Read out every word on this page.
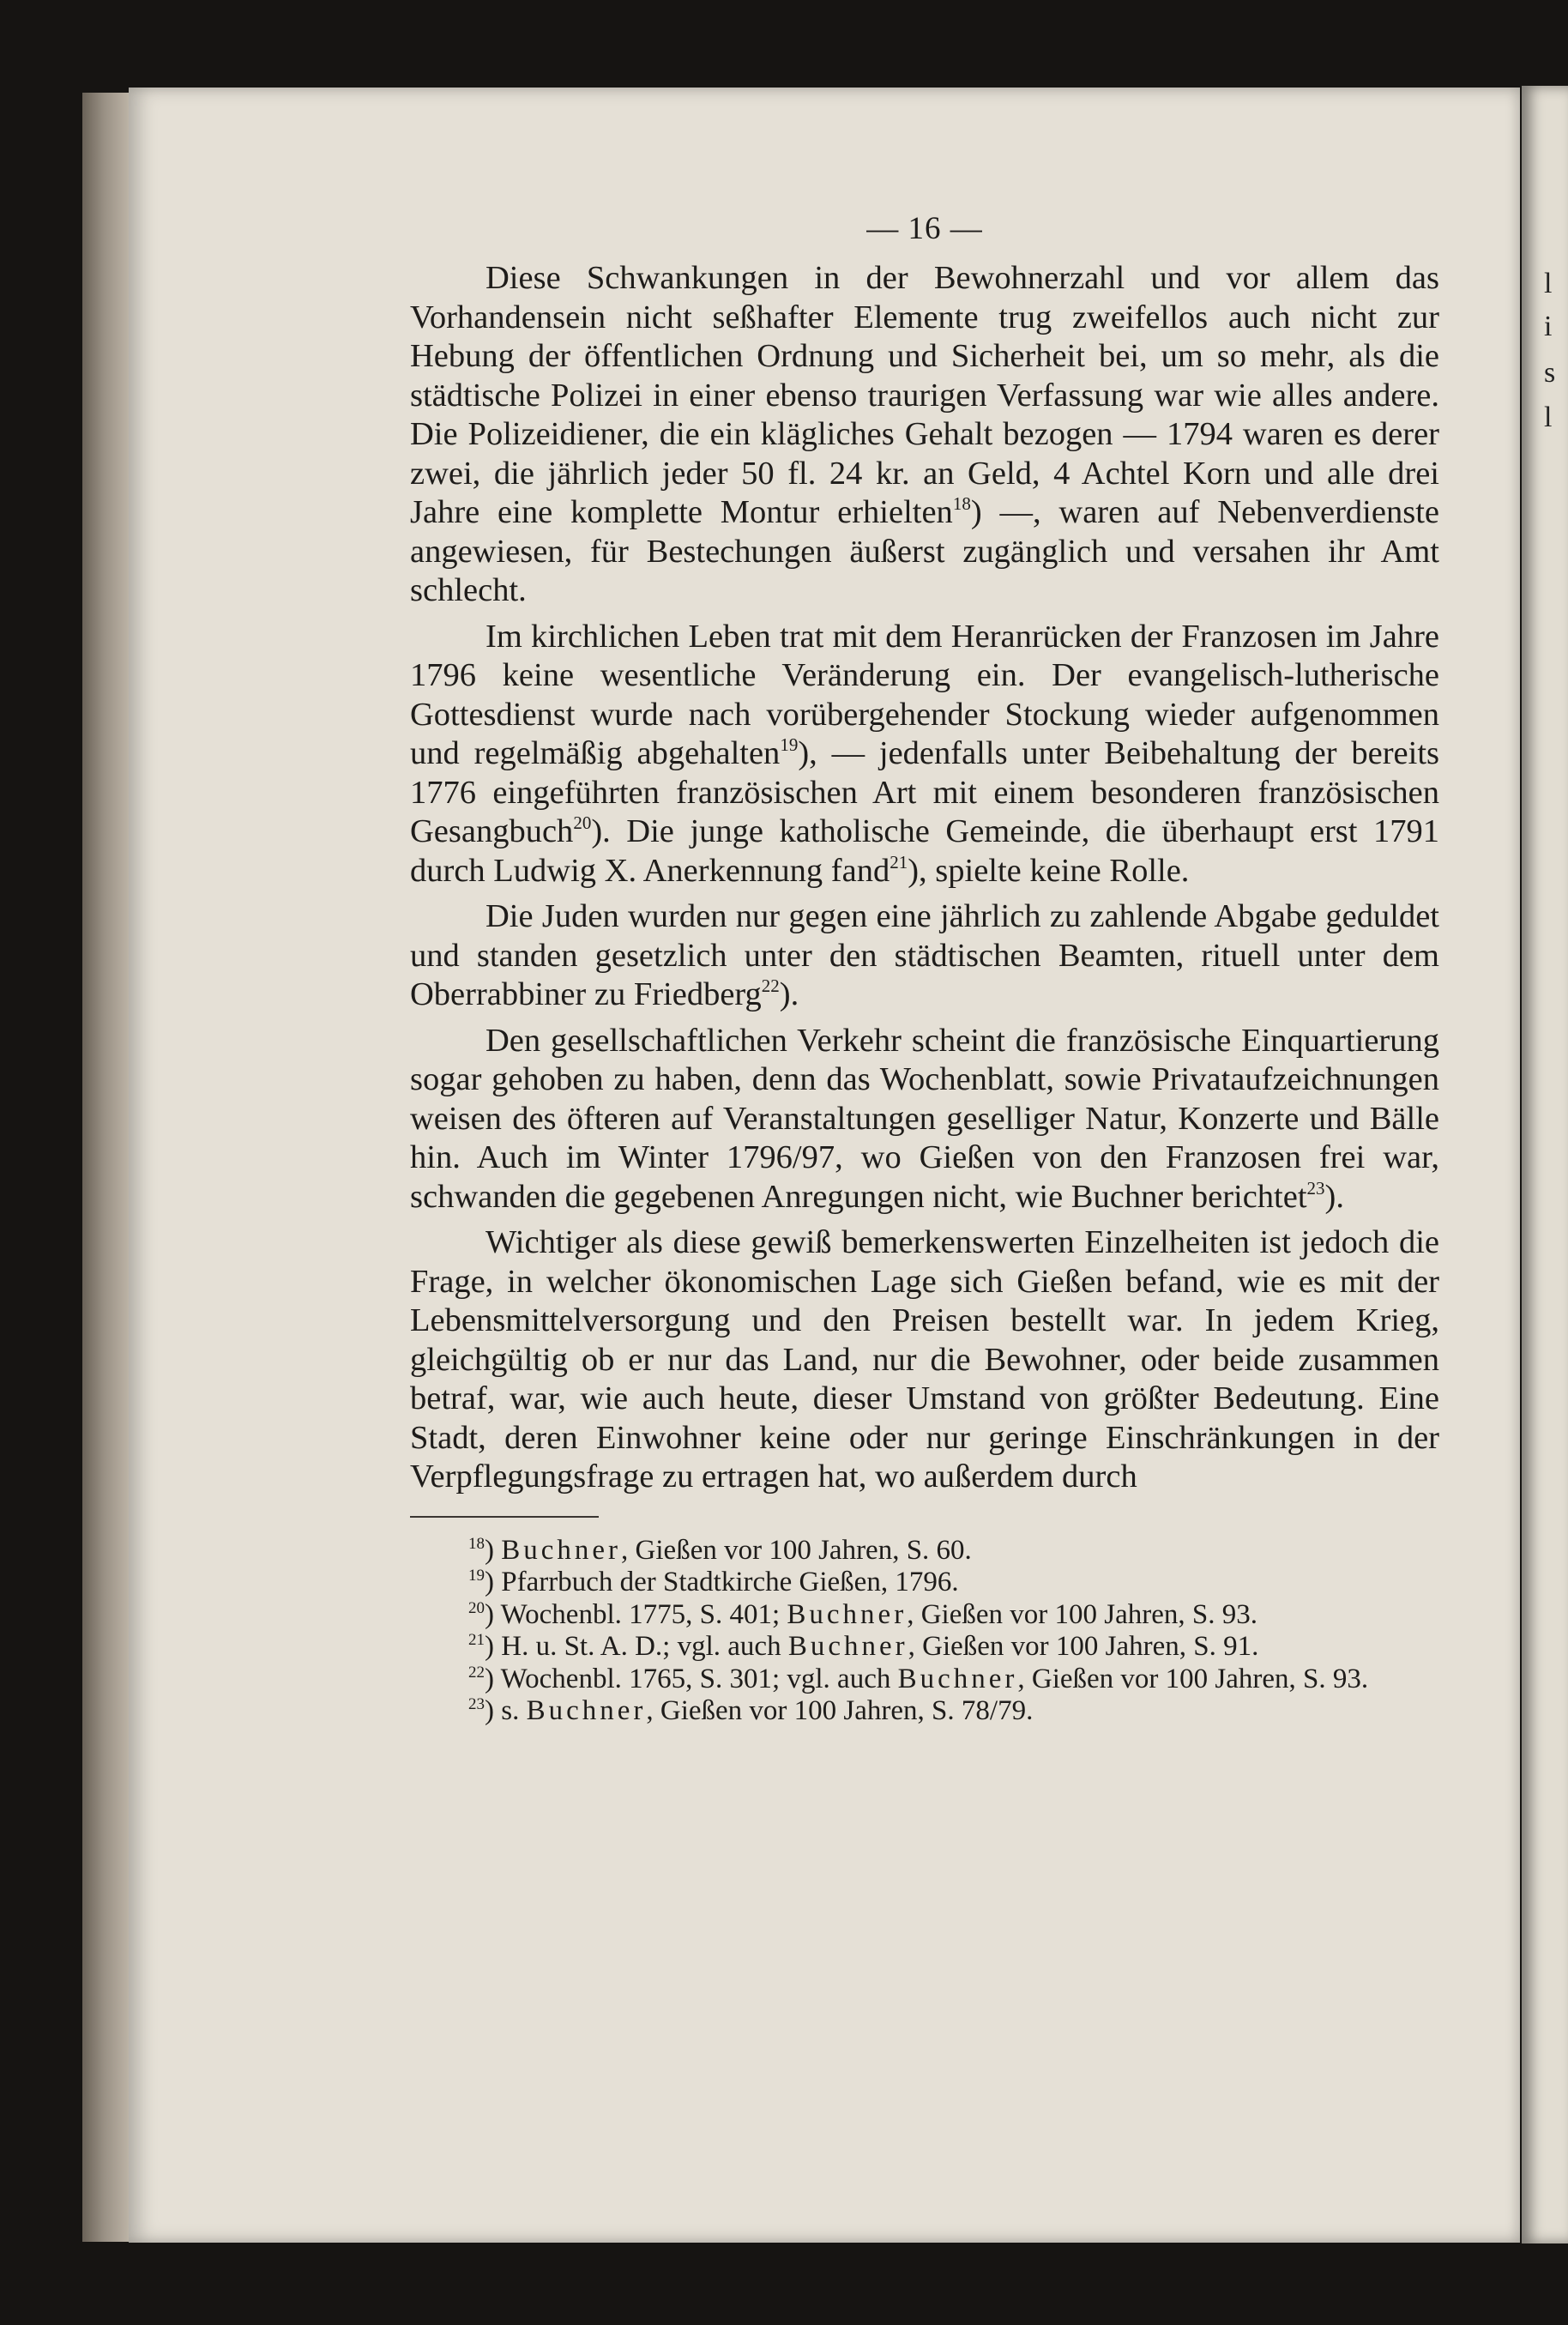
l
i
s
l
— 16 —

Diese Schwankungen in der Bewohnerzahl und vor allem das Vorhandensein nicht seßhafter Elemente trug zweifellos auch nicht zur Hebung der öffentlichen Ordnung und Sicherheit bei, um so mehr, als die städtische Polizei in einer ebenso traurigen Verfassung war wie alles andere. Die Polizeidiener, die ein klägliches Gehalt bezogen — 1794 waren es derer zwei, die jährlich jeder 50 fl. 24 kr. an Geld, 4 Achtel Korn und alle drei Jahre eine komplette Montur erhielten$^{18}$) —, waren auf Nebenverdienste angewiesen, für Bestechungen äußerst zugänglich und versahen ihr Amt schlecht.

Im kirchlichen Leben trat mit dem Heranrücken der Franzosen im Jahre 1796 keine wesentliche Veränderung ein. Der evangelisch-lutherische Gottesdienst wurde nach vorübergehender Stockung wieder aufgenommen und regelmäßig abgehalten$^{19}$), — jedenfalls unter Beibehaltung der bereits 1776 eingeführten französischen Art mit einem besonderen französischen Gesangbuch$^{20}$). Die junge katholische Gemeinde, die überhaupt erst 1791 durch Ludwig X. Anerkennung fand$^{21}$), spielte keine Rolle.

Die Juden wurden nur gegen eine jährlich zu zahlende Abgabe geduldet und standen gesetzlich unter den städtischen Beamten, rituell unter dem Oberrabbiner zu Friedberg$^{22}$).

Den gesellschaftlichen Verkehr scheint die französische Einquartierung sogar gehoben zu haben, denn das Wochenblatt, sowie Privataufzeichnungen weisen des öfteren auf Veranstaltungen geselliger Natur, Konzerte und Bälle hin. Auch im Winter 1796/97, wo Gießen von den Franzosen frei war, schwanden die gegebenen Anregungen nicht, wie Buchner berichtet$^{23}$).

Wichtiger als diese gewiß bemerkenswerten Einzelheiten ist jedoch die Frage, in welcher ökonomischen Lage sich Gießen befand, wie es mit der Lebensmittelversorgung und den Preisen bestellt war. In jedem Krieg, gleichgültig ob er nur das Land, nur die Bewohner, oder beide zusammen betraf, war, wie auch heute, dieser Umstand von größter Bedeutung. Eine Stadt, deren Einwohner keine oder nur geringe Einschränkungen in der Verpflegungsfrage zu ertragen hat, wo außerdem durch

$^{18}$) Buchner, Gießen vor 100 Jahren, S. 60.

$^{19}$) Pfarrbuch der Stadtkirche Gießen, 1796.

$^{20}$) Wochenbl. 1775, S. 401; Buchner, Gießen vor 100 Jahren, S. 93.

$^{21}$) H. u. St. A. D.; vgl. auch Buchner, Gießen vor 100 Jahren, S. 91.

$^{22}$) Wochenbl. 1765, S. 301; vgl. auch Buchner, Gießen vor 100 Jahren, S. 93.

$^{23}$) s. Buchner, Gießen vor 100 Jahren, S. 78/79.
